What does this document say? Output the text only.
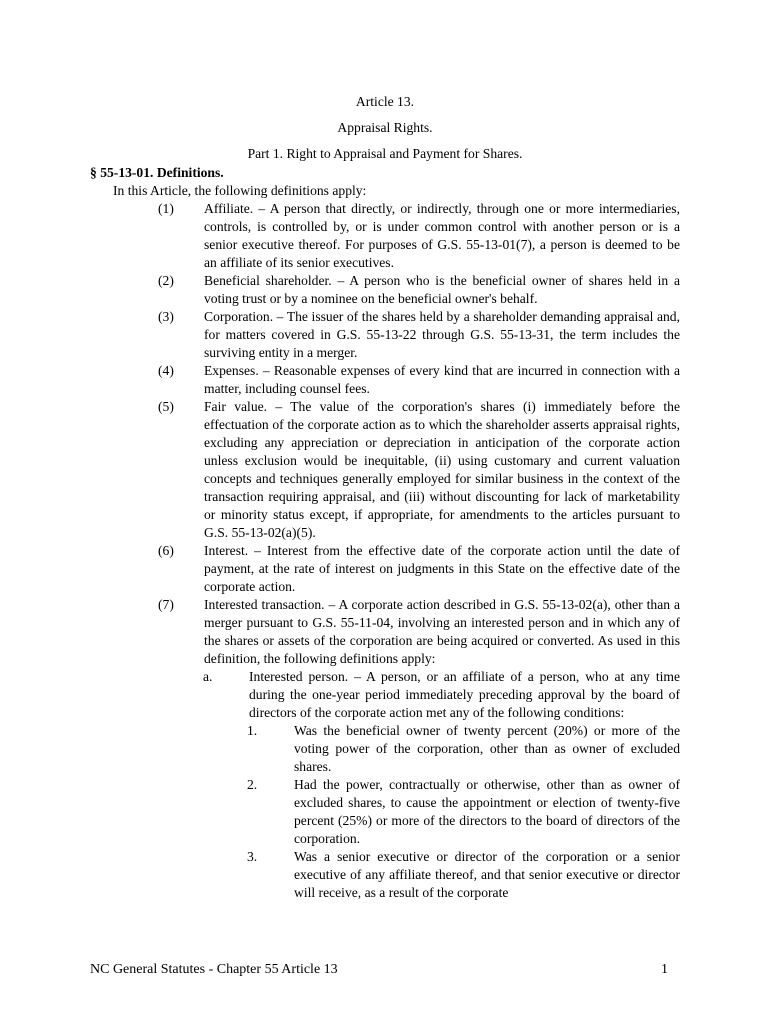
Article 13.
Appraisal Rights.
Part 1. Right to Appraisal and Payment for Shares.
§ 55-13-01. Definitions.
In this Article, the following definitions apply:
(1) Affiliate. – A person that directly, or indirectly, through one or more intermediaries, controls, is controlled by, or is under common control with another person or is a senior executive thereof. For purposes of G.S. 55-13-01(7), a person is deemed to be an affiliate of its senior executives.
(2) Beneficial shareholder. – A person who is the beneficial owner of shares held in a voting trust or by a nominee on the beneficial owner's behalf.
(3) Corporation. – The issuer of the shares held by a shareholder demanding appraisal and, for matters covered in G.S. 55-13-22 through G.S. 55-13-31, the term includes the surviving entity in a merger.
(4) Expenses. – Reasonable expenses of every kind that are incurred in connection with a matter, including counsel fees.
(5) Fair value. – The value of the corporation's shares (i) immediately before the effectuation of the corporate action as to which the shareholder asserts appraisal rights, excluding any appreciation or depreciation in anticipation of the corporate action unless exclusion would be inequitable, (ii) using customary and current valuation concepts and techniques generally employed for similar business in the context of the transaction requiring appraisal, and (iii) without discounting for lack of marketability or minority status except, if appropriate, for amendments to the articles pursuant to G.S. 55-13-02(a)(5).
(6) Interest. – Interest from the effective date of the corporate action until the date of payment, at the rate of interest on judgments in this State on the effective date of the corporate action.
(7) Interested transaction. – A corporate action described in G.S. 55-13-02(a), other than a merger pursuant to G.S. 55-11-04, involving an interested person and in which any of the shares or assets of the corporation are being acquired or converted. As used in this definition, the following definitions apply:
a.	Interested person. – A person, or an affiliate of a person, who at any time during the one-year period immediately preceding approval by the board of directors of the corporate action met any of the following conditions:
1.	Was the beneficial owner of twenty percent (20%) or more of the voting power of the corporation, other than as owner of excluded shares.
2.	Had the power, contractually or otherwise, other than as owner of excluded shares, to cause the appointment or election of twenty-five percent (25%) or more of the directors to the board of directors of the corporation.
3.	Was a senior executive or director of the corporation or a senior executive of any affiliate thereof, and that senior executive or director will receive, as a result of the corporate
NC General Statutes - Chapter 55 Article 13	1
